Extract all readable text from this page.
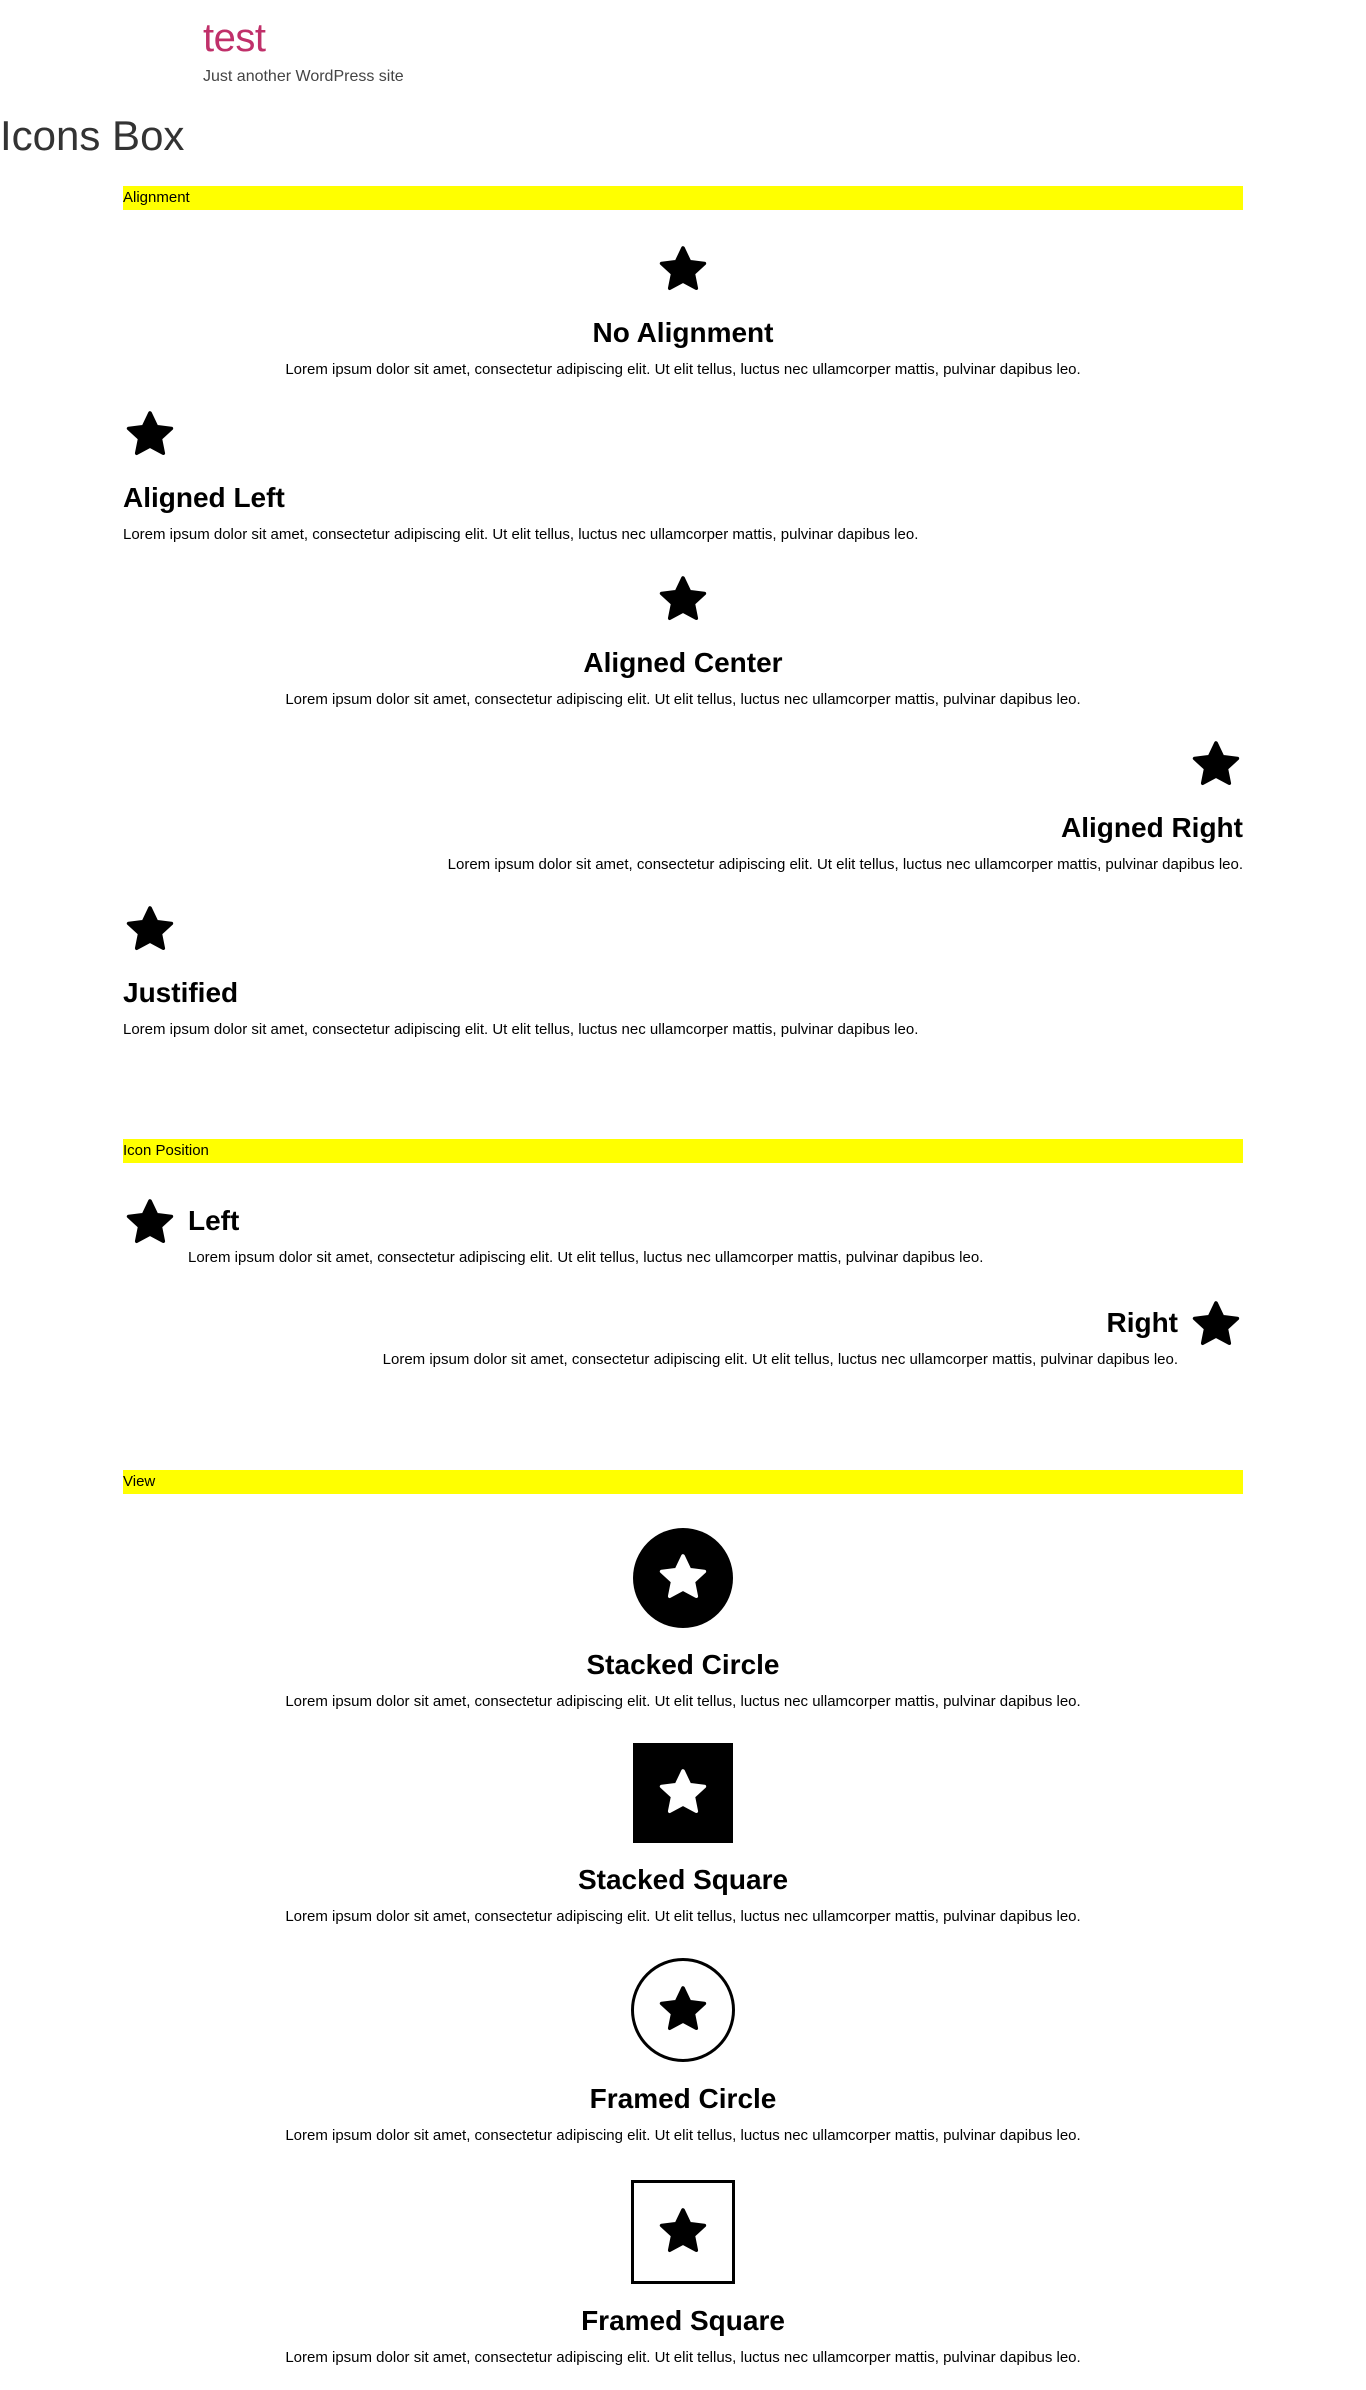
test
Just another WordPress site
Icons Box
Alignment
No Alignment

Lorem ipsum dolor sit amet, consectetur adipiscing elit. Ut elit tellus, luctus nec ullamcorper mattis, pulvinar dapibus leo.

Aligned Left

Lorem ipsum dolor sit amet, consectetur adipiscing elit. Ut elit tellus, luctus nec ullamcorper mattis, pulvinar dapibus leo.

Aligned Center

Lorem ipsum dolor sit amet, consectetur adipiscing elit. Ut elit tellus, luctus nec ullamcorper mattis, pulvinar dapibus leo.

Aligned Right

Lorem ipsum dolor sit amet, consectetur adipiscing elit. Ut elit tellus, luctus nec ullamcorper mattis, pulvinar dapibus leo.

Justified

Lorem ipsum dolor sit amet, consectetur adipiscing elit. Ut elit tellus, luctus nec ullamcorper mattis, pulvinar dapibus leo.

Icon Position
Left

Lorem ipsum dolor sit amet, consectetur adipiscing elit. Ut elit tellus, luctus nec ullamcorper mattis, pulvinar dapibus leo.

Right

Lorem ipsum dolor sit amet, consectetur adipiscing elit. Ut elit tellus, luctus nec ullamcorper mattis, pulvinar dapibus leo.

View
Stacked Circle

Lorem ipsum dolor sit amet, consectetur adipiscing elit. Ut elit tellus, luctus nec ullamcorper mattis, pulvinar dapibus leo.

Stacked Square

Lorem ipsum dolor sit amet, consectetur adipiscing elit. Ut elit tellus, luctus nec ullamcorper mattis, pulvinar dapibus leo.

Framed Circle

Lorem ipsum dolor sit amet, consectetur adipiscing elit. Ut elit tellus, luctus nec ullamcorper mattis, pulvinar dapibus leo.

Framed Square

Lorem ipsum dolor sit amet, consectetur adipiscing elit. Ut elit tellus, luctus nec ullamcorper mattis, pulvinar dapibus leo.
